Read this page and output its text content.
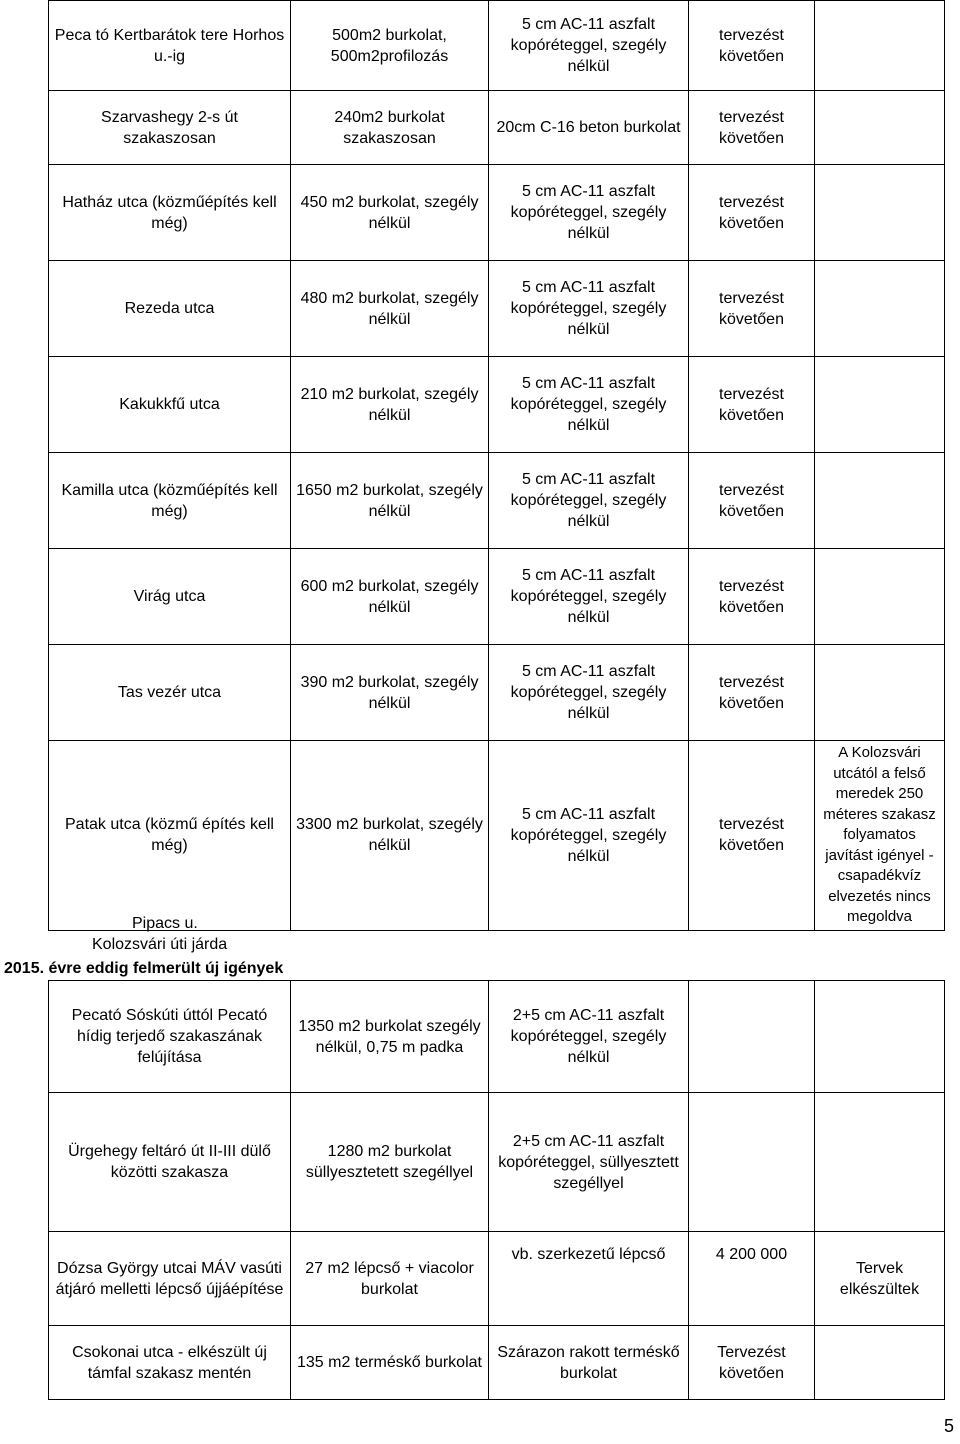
Peca tó Kertbarátok tere Horhos u.-ig	500m2 burkolat, 500m2profilozás	5 cm AC-11 aszfalt kopóréteggel, szegély nélkül	tervezést követően	
Szarvashegy 2-s út szakaszosan	240m2 burkolat szakaszosan	20cm C-16 beton burkolat	tervezést követően	
Hatház utca (közműépítés kell még)	450 m2 burkolat, szegély nélkül	5 cm AC-11 aszfalt kopóréteggel, szegély nélkül	tervezést követően	
Rezeda utca	480 m2 burkolat, szegély nélkül	5 cm AC-11 aszfalt kopóréteggel, szegély nélkül	tervezést követően	
Kakukkfű utca	210 m2 burkolat, szegély nélkül	5 cm AC-11 aszfalt kopóréteggel, szegély nélkül	tervezést követően	
Kamilla utca (közműépítés kell még)	1650 m2 burkolat, szegély nélkül	5 cm AC-11 aszfalt kopóréteggel, szegély nélkül	tervezést követően	
Virág utca	600 m2 burkolat, szegély nélkül	5 cm AC-11 aszfalt kopóréteggel, szegély nélkül	tervezést követően	
Tas vezér utca	390 m2 burkolat, szegély nélkül	5 cm AC-11 aszfalt kopóréteggel, szegély nélkül	tervezést követően	
Patak utca (közmű építés kell még)	3300 m2 burkolat, szegély nélkül	5 cm AC-11 aszfalt kopóréteggel, szegély nélkül	tervezést követően	A Kolozsvári utcától a felső meredek 250 méteres szakasz folyamatos javítást igényel - csapadékvíz elvezetés nincs megoldva
Pipacs u.
Kolozsvári úti járda
2015. évre eddig felmerült új igények
Pecató Sóskúti úttól Pecató hídig terjedő szakaszának felújítása	1350 m2 burkolat szegély nélkül, 0,75 m padka	2+5 cm AC-11 aszfalt kopóréteggel, szegély nélkül		
Ürgehegy feltáró út II-III dülő közötti szakasza	1280 m2 burkolat süllyesztetett szegéllyel	2+5 cm AC-11 aszfalt kopóréteggel, süllyesztett szegéllyel		
Dózsa György utcai MÁV vasúti átjáró melletti lépcső újjáépítése	27 m2 lépcső + viacolor burkolat	vb. szerkezetű lépcső	4 200 000	Tervek elkészültek
Csokonai utca - elkészült új támfal szakasz mentén	135 m2 terméskő burkolat	Szárazon rakott terméskő burkolat	Tervezést követően	
5
